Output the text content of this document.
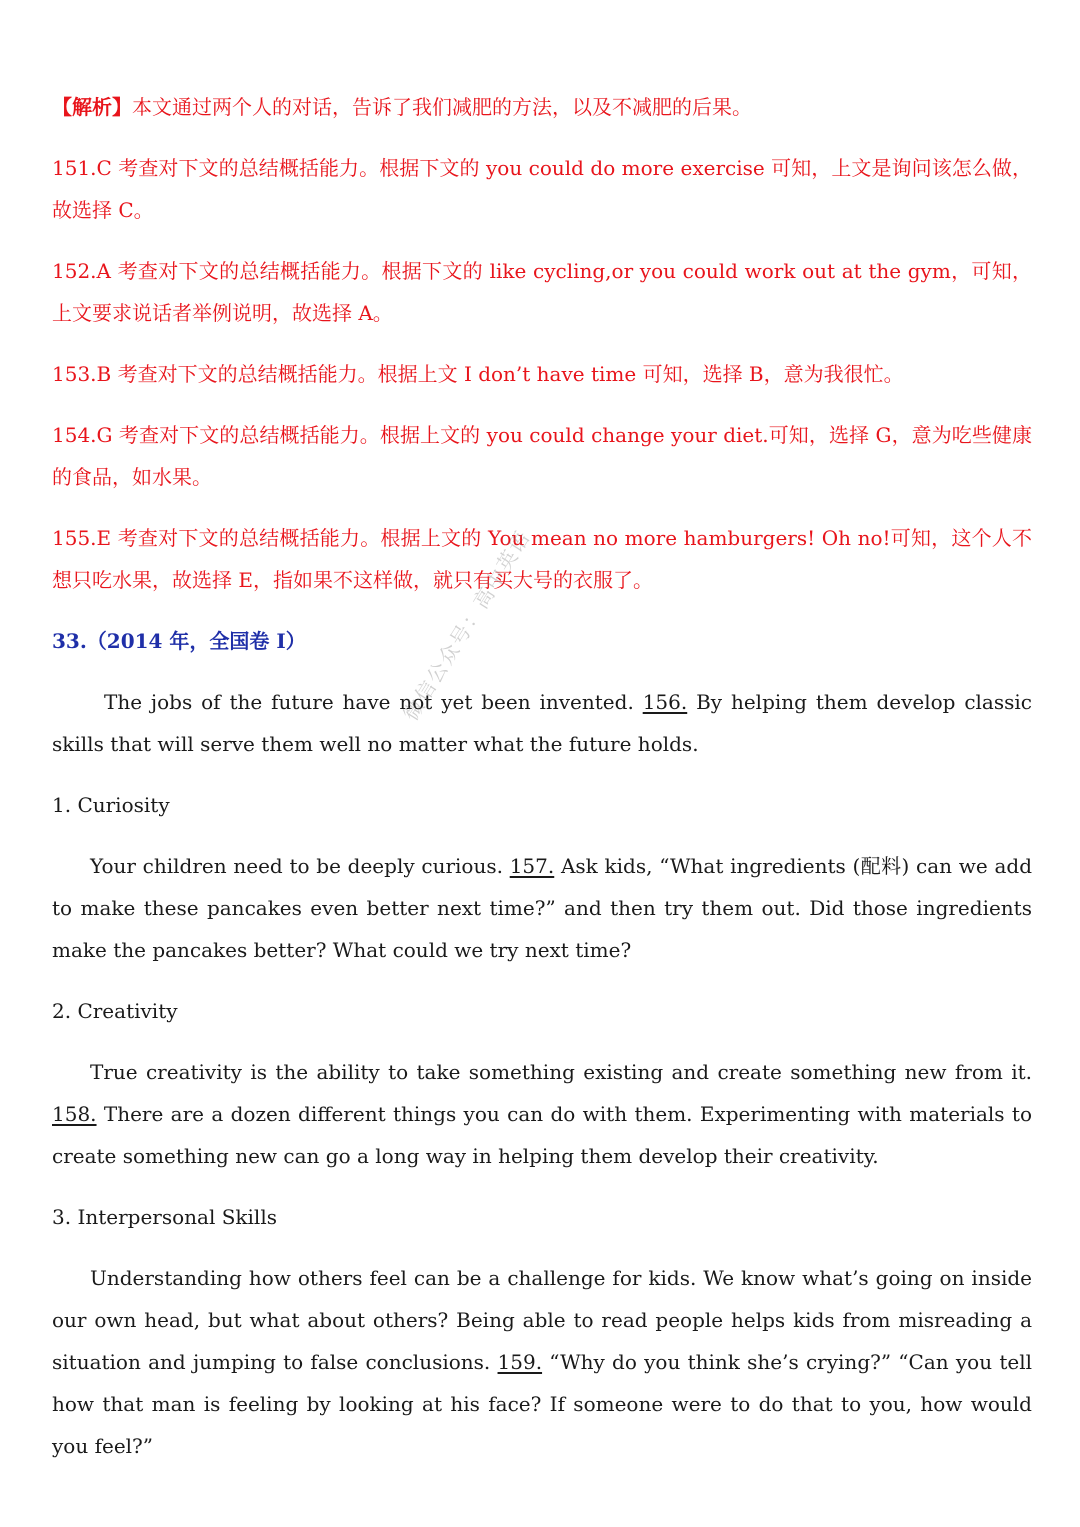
【解析】本文通过两个人的对话，告诉了我们减肥的方法，以及不减肥的后果。

151.C 考查对下文的总结概括能力。根据下文的 you could do more exercise 可知，上文是询问该怎么做，故选择 C。

152.A 考查对下文的总结概括能力。根据下文的 like cycling,or you could work out at the gym，可知，上文要求说话者举例说明，故选择 A。

153.B 考查对下文的总结概括能力。根据上文 I don’t have time 可知，选择 B，意为我很忙。

154.G 考查对下文的总结概括能力。根据上文的 you could change your diet.可知，选择 G，意为吃些健康的食品，如水果。

155.E 考查对下文的总结概括能力。根据上文的 You mean no more hamburgers! Oh no!可知，这个人不想只吃水果，故选择 E，指如果不这样做，就只有买大号的衣服了。

33.（2014 年，全国卷 I）

The jobs of the future have not yet been invented. 156. By helping them develop classic skills that will serve them well no matter what the future holds.

1. Curiosity

Your children need to be deeply curious. 157. Ask kids, “What ingredients (配料) can we add to make these pancakes even better next time?” and then try them out. Did those ingredients make the pancakes better? What could we try next time?

2. Creativity

True creativity is the ability to take something existing and create something new from it. 158. There are a dozen different things you can do with them. Experimenting with materials to create something new can go a long way in helping them develop their creativity.

3. Interpersonal Skills

Understanding how others feel can be a challenge for kids. We know what’s going on inside our own head, but what about others? Being able to read people helps kids from misreading a situation and jumping to false conclusions. 159. “Why do you think she’s crying?” “Can you tell how that man is feeling by looking at his face? If someone were to do that to you, how would you feel?”

微信公众号：高中英语
